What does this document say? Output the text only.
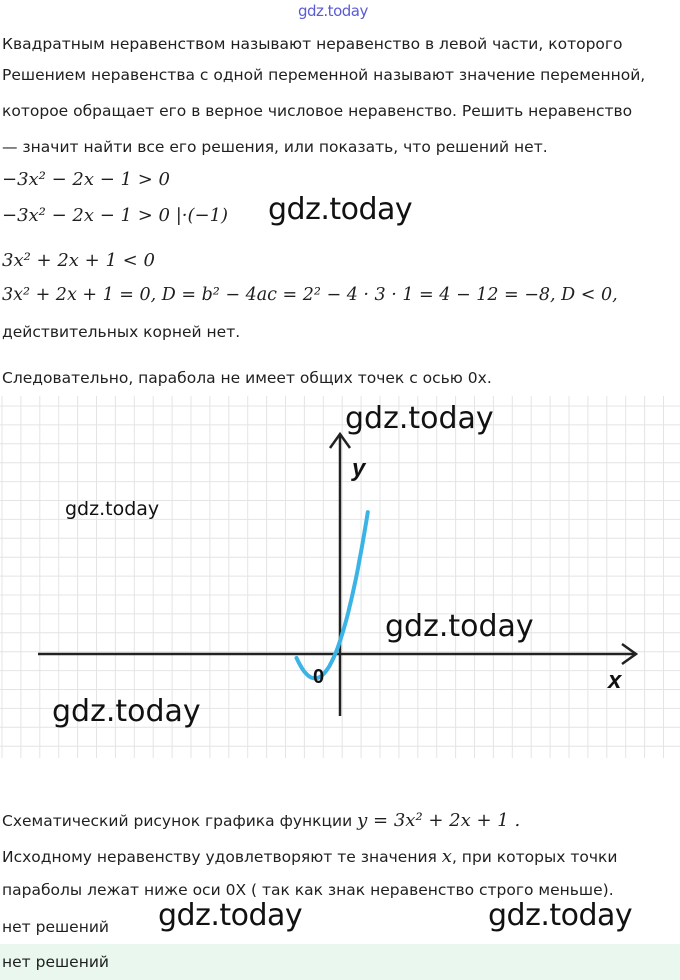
gdz.today
Квадратным неравенством называют неравенство в левой части, которого
Решением неравенства с одной переменной называют значение переменной,
которое обращает его в верное числовое неравенство. Решить неравенство
— значит найти все его решения, или показать, что решений нет.
−3x² − 2x − 1 > 0
−3x² − 2x − 1 > 0 |·(−1) gdz.today
3x² + 2x + 1 < 0
3x² + 2x + 1 = 0, D = b² − 4ac = 2² − 4 · 3 · 1 = 4 − 12 = −8, D < 0,
действительных корней нет.
Следовательно, парабола не имеет общих точек с осью 0х.
x
y
0
gdz.today
gdz.today
gdz.today
gdz.today
Схематический рисунок графика функции y = 3x² + 2x + 1 .
Исходному неравенству удовлетворяют те значения x, при которых точки
параболы лежат ниже оси 0Х ( так как знак неравенство строго меньше).
нет решений gdz.today	gdz.today
нет решений
